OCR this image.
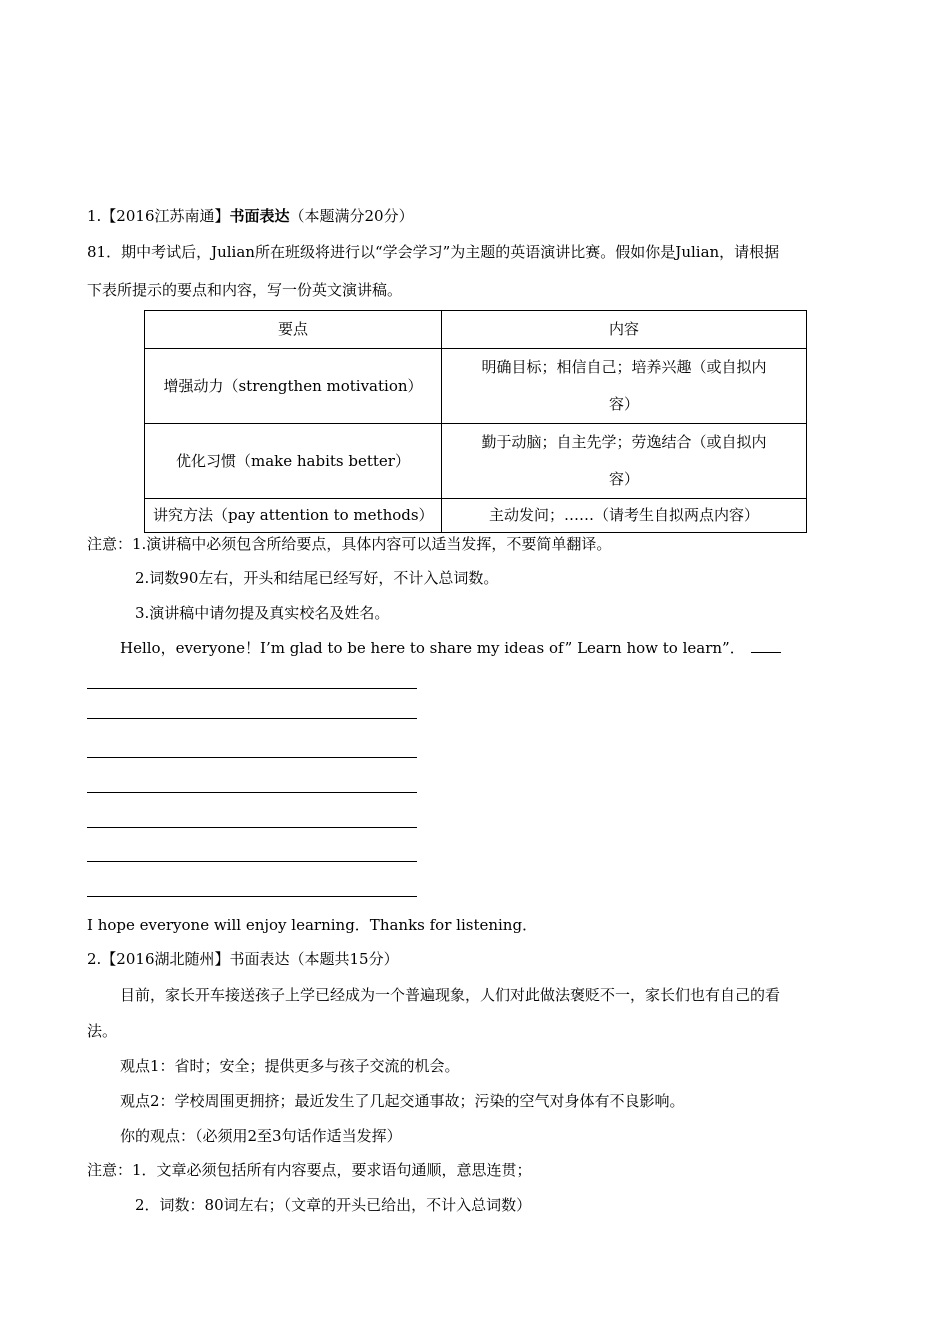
1.【2016江苏南通】书面表达（本题满分20分）
81．期中考试后，Julian所在班级将进行以“学会学习”为主题的英语演讲比赛。假如你是Julian，请根据
下表所提示的要点和内容，写一份英文演讲稿。
要点	内容
增强动力（strengthen motivation）	明确目标；相信自己；培养兴趣（或自拟内
容）
优化习惯（make habits better）	勤于动脑；自主先学；劳逸结合（或自拟内
容）
讲究方法（pay attention to methods）	主动发问；……（请考生自拟两点内容）
注意：1.演讲稿中必须包含所给要点，具体内容可以适当发挥，不要简单翻译。
2.词数90左右，开头和结尾已经写好，不计入总词数。
3.演讲稿中请勿提及真实校名及姓名。
Hello，everyone！I’m glad to be here to share my ideas of” Learn how to learn”．
I hope everyone will enjoy learning．Thanks for listening．
2.【2016湖北随州】书面表达（本题共15分）
目前，家长开车接送孩子上学已经成为一个普遍现象，人们对此做法褒贬不一，家长们也有自己的看
法。
观点1：省时；安全；提供更多与孩子交流的机会。
观点2：学校周围更拥挤；最近发生了几起交通事故；污染的空气对身体有不良影响。
你的观点：（必须用2至3句话作适当发挥）
注意：1．文章必须包括所有内容要点，要求语句通顺，意思连贯；
2．词数：80词左右；（文章的开头已给出，不计入总词数）
